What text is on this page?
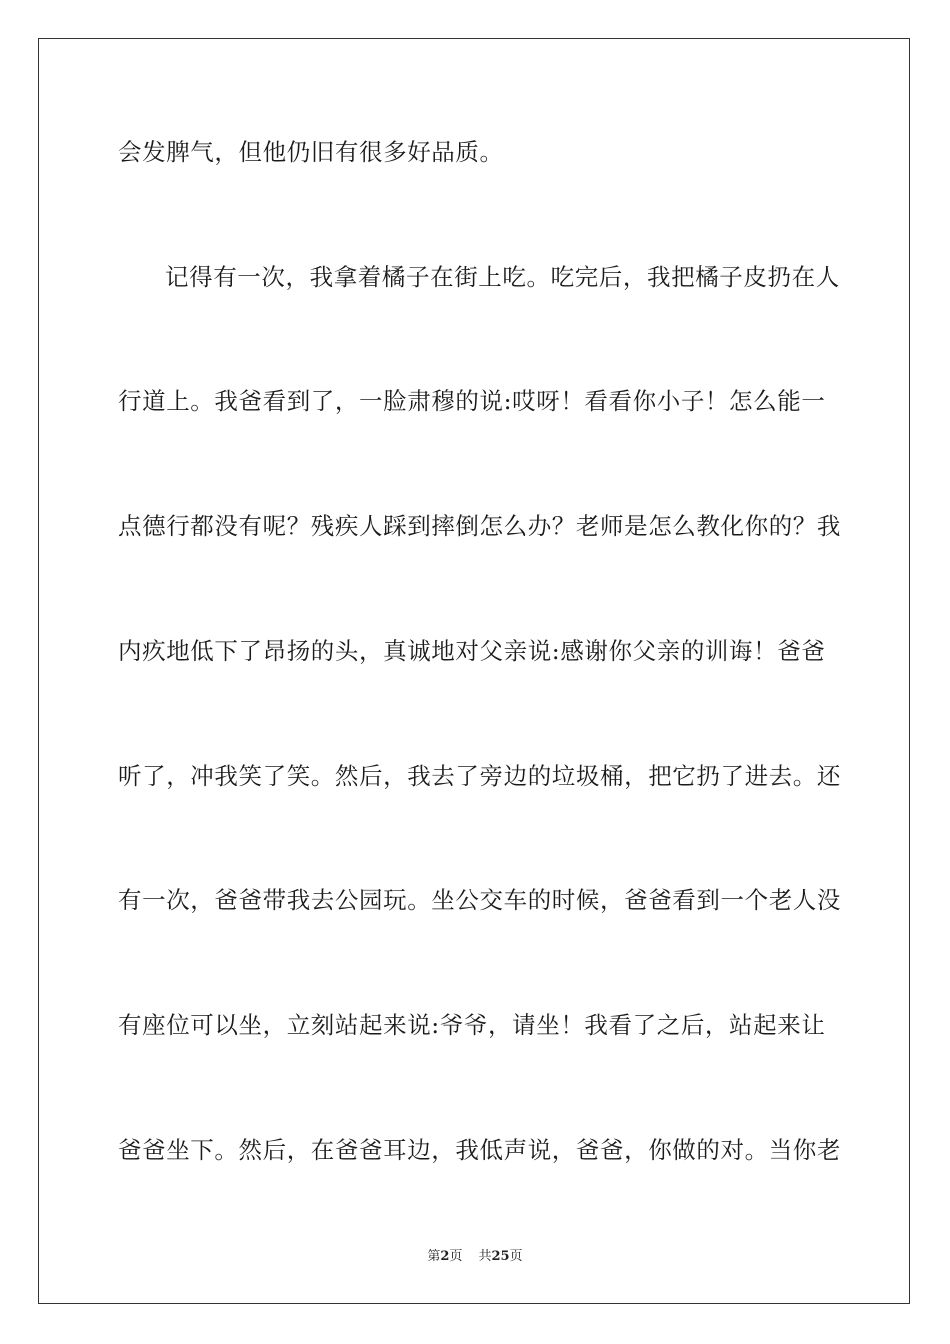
会发脾气，但他仍旧有很多好品质。
记得有一次，我拿着橘子在街上吃。吃完后，我把橘子皮扔在人
行道上。我爸看到了，一脸肃穆的说:哎呀！看看你小子！怎么能一
点德行都没有呢？残疾人踩到摔倒怎么办？老师是怎么教化你的？我
内疚地低下了昂扬的头，真诚地对父亲说:感谢你父亲的训诲！爸爸
听了，冲我笑了笑。然后，我去了旁边的垃圾桶，把它扔了进去。还
有一次，爸爸带我去公园玩。坐公交车的时候，爸爸看到一个老人没
有座位可以坐，立刻站起来说:爷爷，请坐！我看了之后，站起来让
爸爸坐下。然后，在爸爸耳边，我低声说，爸爸，你做的对。当你老
第2页 共25页
